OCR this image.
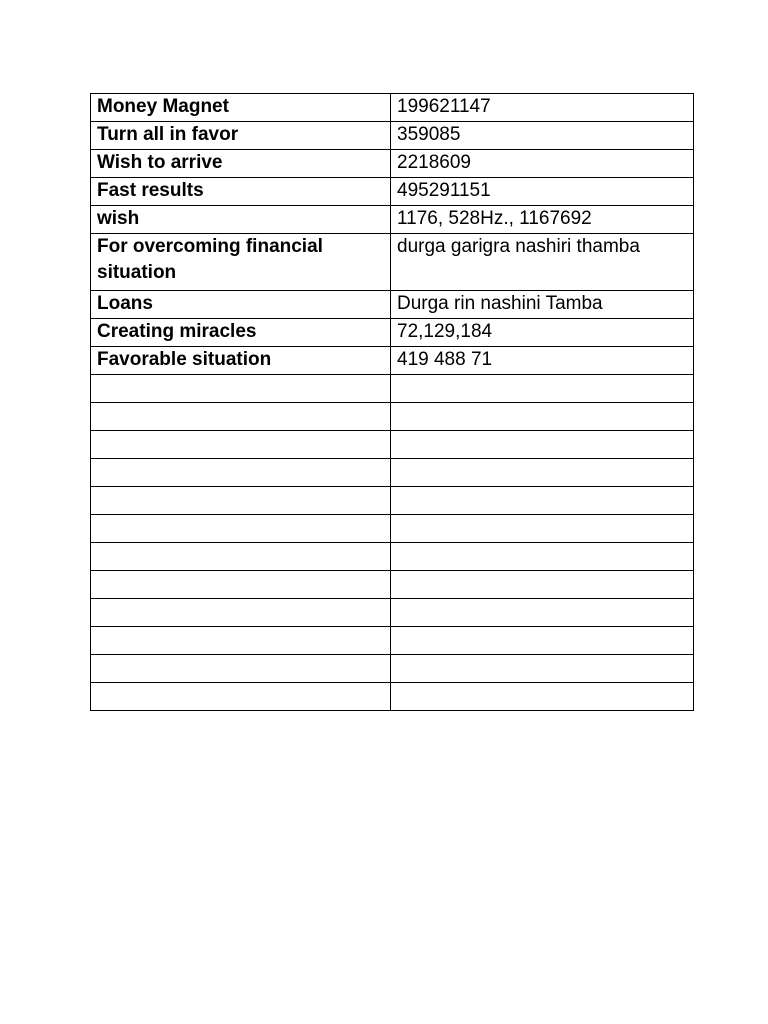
Money Magnet	199621147
Turn all in favor	359085
Wish to arrive	2218609
Fast results	495291151
wish	1176, 528Hz., 1167692
For overcoming financial situation	durga garigra nashiri thamba
Loans	Durga rin nashini Tamba
Creating miracles	72,129,184
Favorable situation	419 488 71
